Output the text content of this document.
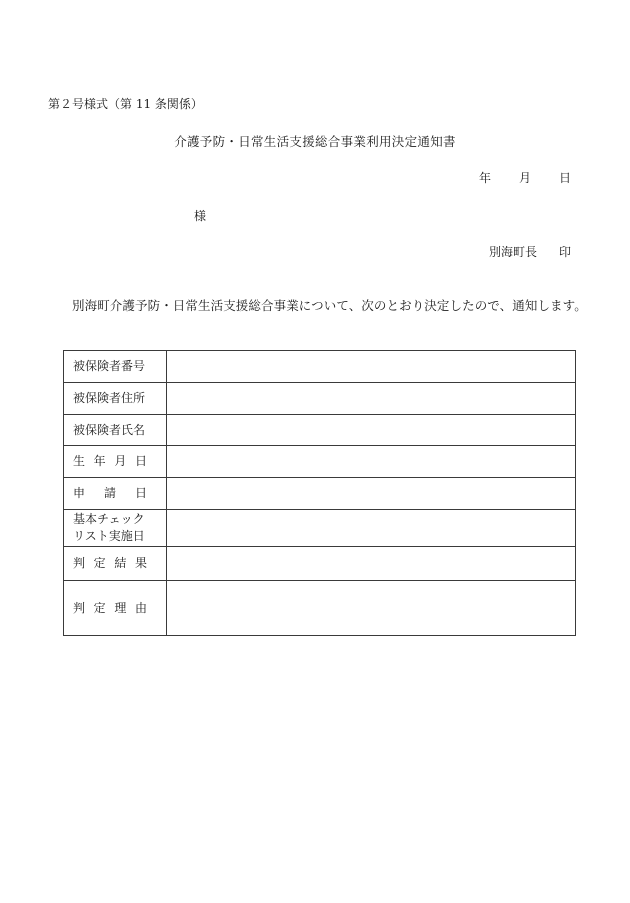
第２号様式（第 11 条関係）
介護予防・日常生活支援総合事業利用決定通知書
年 月 日
様
別海町長 印
別海町介護予防・日常生活支援総合事業について、次のとおり決定したので、通知します。
被保険者番号	
被保険者住所	
被保険者氏名	

生 年 月 日	

申 請 日	

基本チェック
リスト実施日	

判 定 結 果	

判 定 理 由	
